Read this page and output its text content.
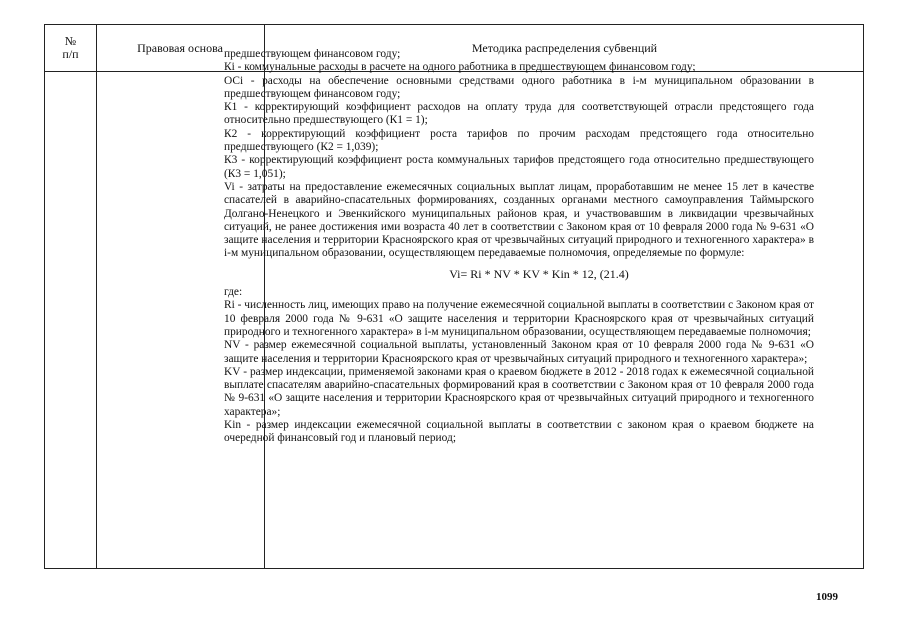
№
п/п	Правовая основа	Методика распределения субвенций

предшествующем финансовом году;

Кi - коммунальные расходы в расчете на одного работника в предшествующем финансовом году;

ОСi - расходы на обеспечение основными средствами одного работника в i-м муниципальном образовании в предшествующем финансовом году;

К1 - корректирующий коэффициент расходов на оплату труда для соответствующей отрасли предстоящего года относительно предшествующего (К1 = 1);

К2 - корректирующий коэффициент роста тарифов по прочим расходам предстоящего года относительно предшествующего (К2 = 1,039);

К3 - корректирующий коэффициент роста коммунальных тарифов предстоящего года относительно предшествующего (К3 = 1,051);

Vi - затраты на предоставление ежемесячных социальных выплат лицам, проработавшим не менее 15 лет в качестве спасателей в аварийно-спасательных формированиях, созданных органами местного самоуправления Таймырского Долгано-Ненецкого и Эвенкийского муниципальных районов края, и участвовавшим в ликвидации чрезвычайных ситуаций, не ранее достижения ими возраста 40 лет в соответствии с Законом края от 10 февраля 2000 года № 9-631 «О защите населения и территории Красноярского края от чрезвычайных ситуаций природного и техногенного характера» в i-м муниципальном образовании, осуществляющем передаваемые полномочия, определяемые по формуле:

Vi= Ri * NV * KV * Kin * 12, (21.4)

где:

Ri - численность лиц, имеющих право на получение ежемесячной социальной выплаты в соответствии с Законом края от 10 февраля 2000 года № 9-631 «О защите населения и территории Красноярского края от чрезвычайных ситуаций природного и техногенного характера» в i-м муниципальном образовании, осуществляющем передаваемые полномочия;

NV - размер ежемесячной социальной выплаты, установленный Законом края от 10 февраля 2000 года № 9-631 «О защите населения и территории Красноярского края от чрезвычайных ситуаций природного и техногенного характера»;

KV - размер индексации, применяемой законами края о краевом бюджете в 2012 - 2018 годах к ежемесячной социальной выплате спасателям аварийно-спасательных формирований края в соответствии с Законом края от 10 февраля 2000 года № 9-631 «О защите населения и территории Красноярского края от чрезвычайных ситуаций природного и техногенного характера»;

Kin - размер индексации ежемесячной социальной выплаты в соответствии с законом края о краевом бюджете на очередной финансовый год и плановый период;

1099
